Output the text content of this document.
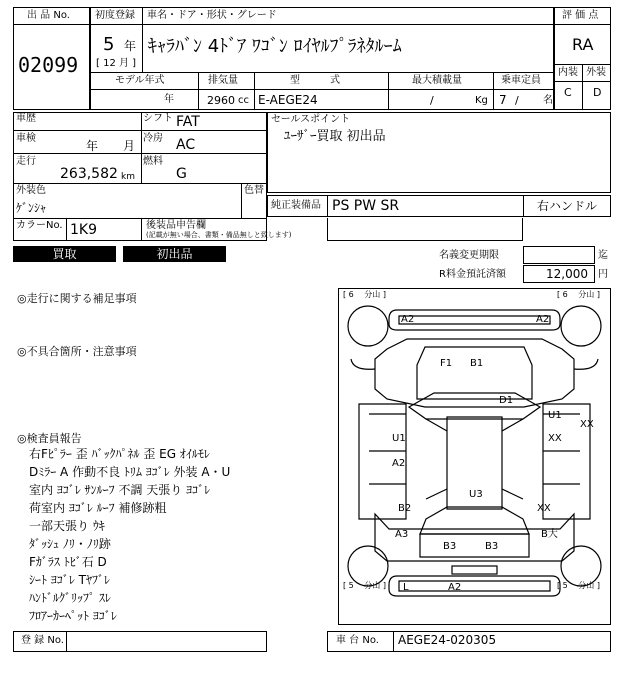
出 品 No.
02099
初度登録 車名・ドア・形状・グレード
5 年
[ 12 月 ]
ｷｬﾗﾊﾞﾝ 4ﾄﾞｱ ﾜｺﾞﾝ ﾛｲﾔﾙﾌﾟﾗﾈﾀﾙｰﾑ
モデル年式	排気量	型　　　式	最大積載量	乗車定員
年	2960 cc E-AEGE24	/	Kg 7 / 名
評 価 点
RA
内装 外装
C D
車歴	シフト FAT
車検
年 月
冷房 AC
走行
263,582 km
燃料
G
外装色
ｹﾞﾝｼｬ
色替
カラーNo. 1K9	後装品申告欄
(記載が無い場合、書類・備品無しと致します)
セールスポイント
ﾕｰｻﾞｰ買取 初出品
純正装備品 PS PW SR	右ハンドル
買取	初出品	名義変更期限	迄
R料金預託済額	12,000 円
◎走行に関する補足事項
◎不具合箇所・注意事項
◎検査員報告
右Fﾋﾟﾗｰ 歪 ﾊﾞｯｸﾊﾟﾈﾙ 歪 EG ｵｲﾙﾓﾚ
Dﾐﾗｰ A 作動不良 ﾄﾘﾑ ﾖｺﾞﾚ 外装 A・U
室内 ﾖｺﾞﾚ ｻﾝﾙｰﾌ 不調 天張り ﾖｺﾞﾚ
荷室内 ﾖｺﾞﾚ ﾙｰﾌ 補修跡粗
一部天張り ｳｷ
ﾀﾞｯｼｭ ﾉﾘ・ﾉﾘ跡
Fｶﾞﾗｽ ﾄﾋﾞ石 D
ｼｰﾄ ﾖｺﾞﾚ Tﾔﾌﾞﾚ
ﾊﾝﾄﾞﾙｸﾞﾘｯﾌﾟ ｽﾚ
ﾌﾛｱｰｶｰﾍﾟｯﾄ ﾖｺﾞﾚ
[ 6 　分山 ]	[ 6 　分山 ]
[ 5 　分山 ]	[ 5 　分山 ]
A2	A2
F1 B1
D1
U1
XX
XX
U1
A2
U3
B2	XX
A3	B大
B3	B3
L	A2
登 録 No.	車 台 No. AEGE24-020305
